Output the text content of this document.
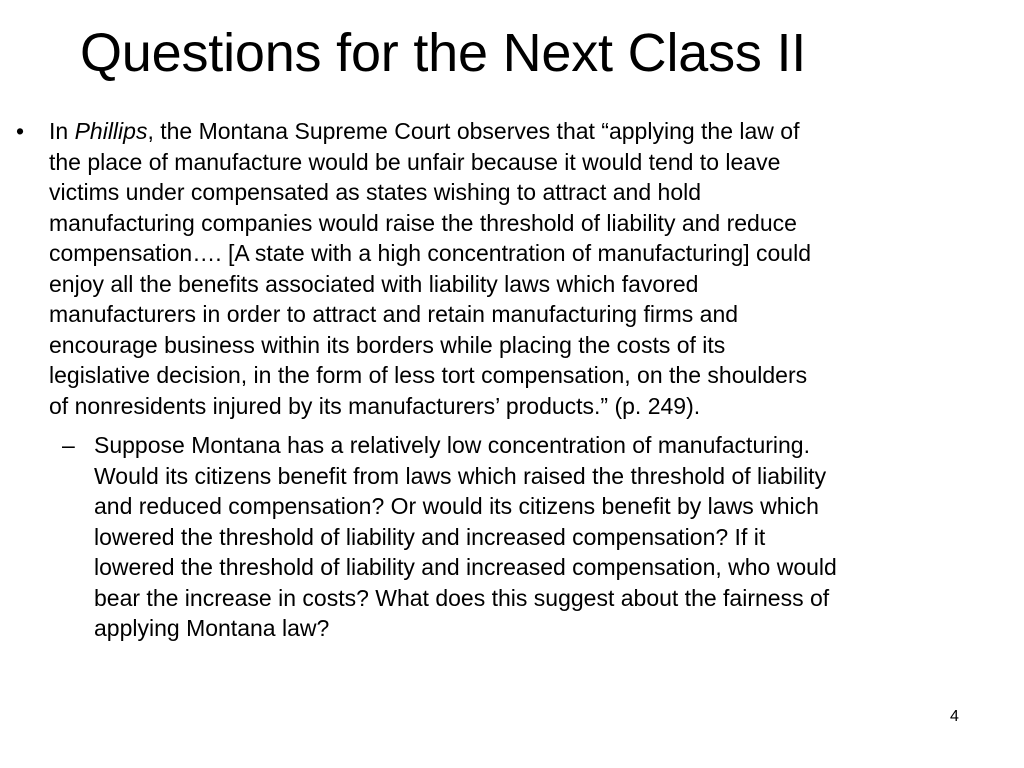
Questions for the Next Class II
• In Phillips, the Montana Supreme Court observes that “applying the law of
the place of manufacture would be unfair because it would tend to leave
victims under compensated as states wishing to attract and hold
manufacturing companies would raise the threshold of liability and reduce
compensation…. [A state with a high concentration of manufacturing] could
enjoy all the benefits associated with liability laws which favored
manufacturers in order to attract and retain manufacturing firms and
encourage business within its borders while placing the costs of its
legislative decision, in the form of less tort compensation, on the shoulders
of nonresidents injured by its manufacturers’ products.” (p. 249).

– Suppose Montana has a relatively low concentration of manufacturing.
Would its citizens benefit from laws which raised the threshold of liability
and reduced compensation? Or would its citizens benefit by laws which
lowered the threshold of liability and increased compensation? If it
lowered the threshold of liability and increased compensation, who would
bear the increase in costs? What does this suggest about the fairness of
applying Montana law?

4
